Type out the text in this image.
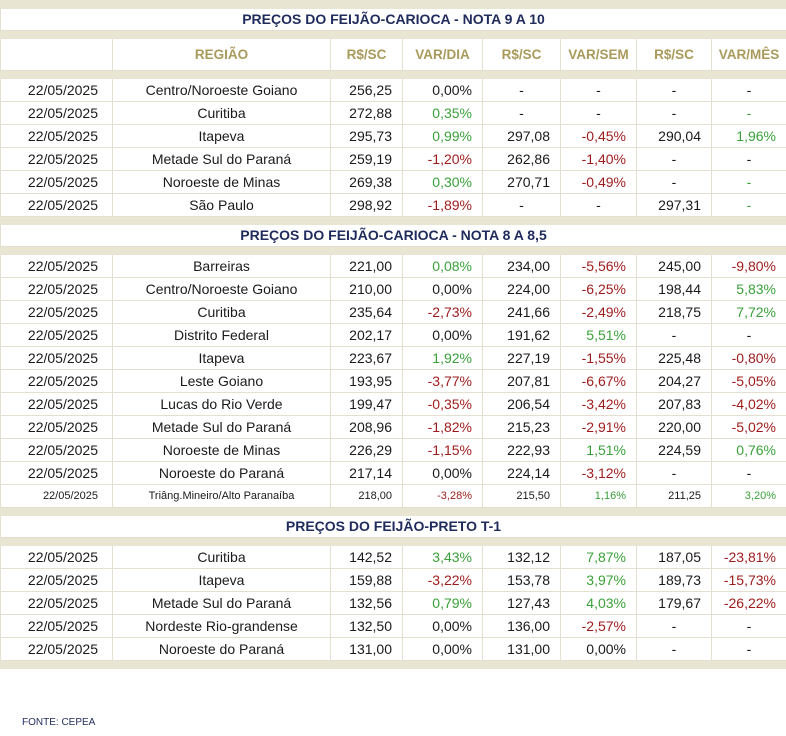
PREÇOS DO FEIJÃO-CARIOCA - NOTA 9 A 10							

	REGIÃO	R$/SC	VAR/DIA	R$/SC	VAR/SEM	R$/SC	VAR/MÊS

22/05/2025	Centro/Noroeste Goiano	256,25	0,00%	-	-	-	-
22/05/2025	Curitiba	272,88	0,35%	-	-	-	-
22/05/2025	Itapeva	295,73	0,99%	297,08	-0,45%	290,04	1,96%
22/05/2025	Metade Sul do Paraná	259,19	-1,20%	262,86	-1,40%	-	-
22/05/2025	Noroeste de Minas	269,38	0,30%	270,71	-0,49%	-	-
22/05/2025	São Paulo	298,92	-1,89%	-	-	297,31	-

PREÇOS DO FEIJÃO-CARIOCA - NOTA 8 A 8,5							

22/05/2025	Barreiras	221,00	0,08%	234,00	-5,56%	245,00	-9,80%
22/05/2025	Centro/Noroeste Goiano	210,00	0,00%	224,00	-6,25%	198,44	5,83%
22/05/2025	Curitiba	235,64	-2,73%	241,66	-2,49%	218,75	7,72%
22/05/2025	Distrito Federal	202,17	0,00%	191,62	5,51%	-	-
22/05/2025	Itapeva	223,67	1,92%	227,19	-1,55%	225,48	-0,80%
22/05/2025	Leste Goiano	193,95	-3,77%	207,81	-6,67%	204,27	-5,05%
22/05/2025	Lucas do Rio Verde	199,47	-0,35%	206,54	-3,42%	207,83	-4,02%
22/05/2025	Metade Sul do Paraná	208,96	-1,82%	215,23	-2,91%	220,00	-5,02%
22/05/2025	Noroeste de Minas	226,29	-1,15%	222,93	1,51%	224,59	0,76%
22/05/2025	Noroeste do Paraná	217,14	0,00%	224,14	-3,12%	-	-
22/05/2025	Triâng.Mineiro/Alto Paranaíba	218,00	-3,28%	215,50	1,16%	211,25	3,20%

PREÇOS DO FEIJÃO-PRETO T-1							

22/05/2025	Curitiba	142,52	3,43%	132,12	7,87%	187,05	-23,81%
22/05/2025	Itapeva	159,88	-3,22%	153,78	3,97%	189,73	-15,73%
22/05/2025	Metade Sul do Paraná	132,56	0,79%	127,43	4,03%	179,67	-26,22%
22/05/2025	Nordeste Rio-grandense	132,50	0,00%	136,00	-2,57%	-	-
22/05/2025	Noroeste do Paraná	131,00	0,00%	131,00	0,00%	-	-

FONTE: CEPEA
